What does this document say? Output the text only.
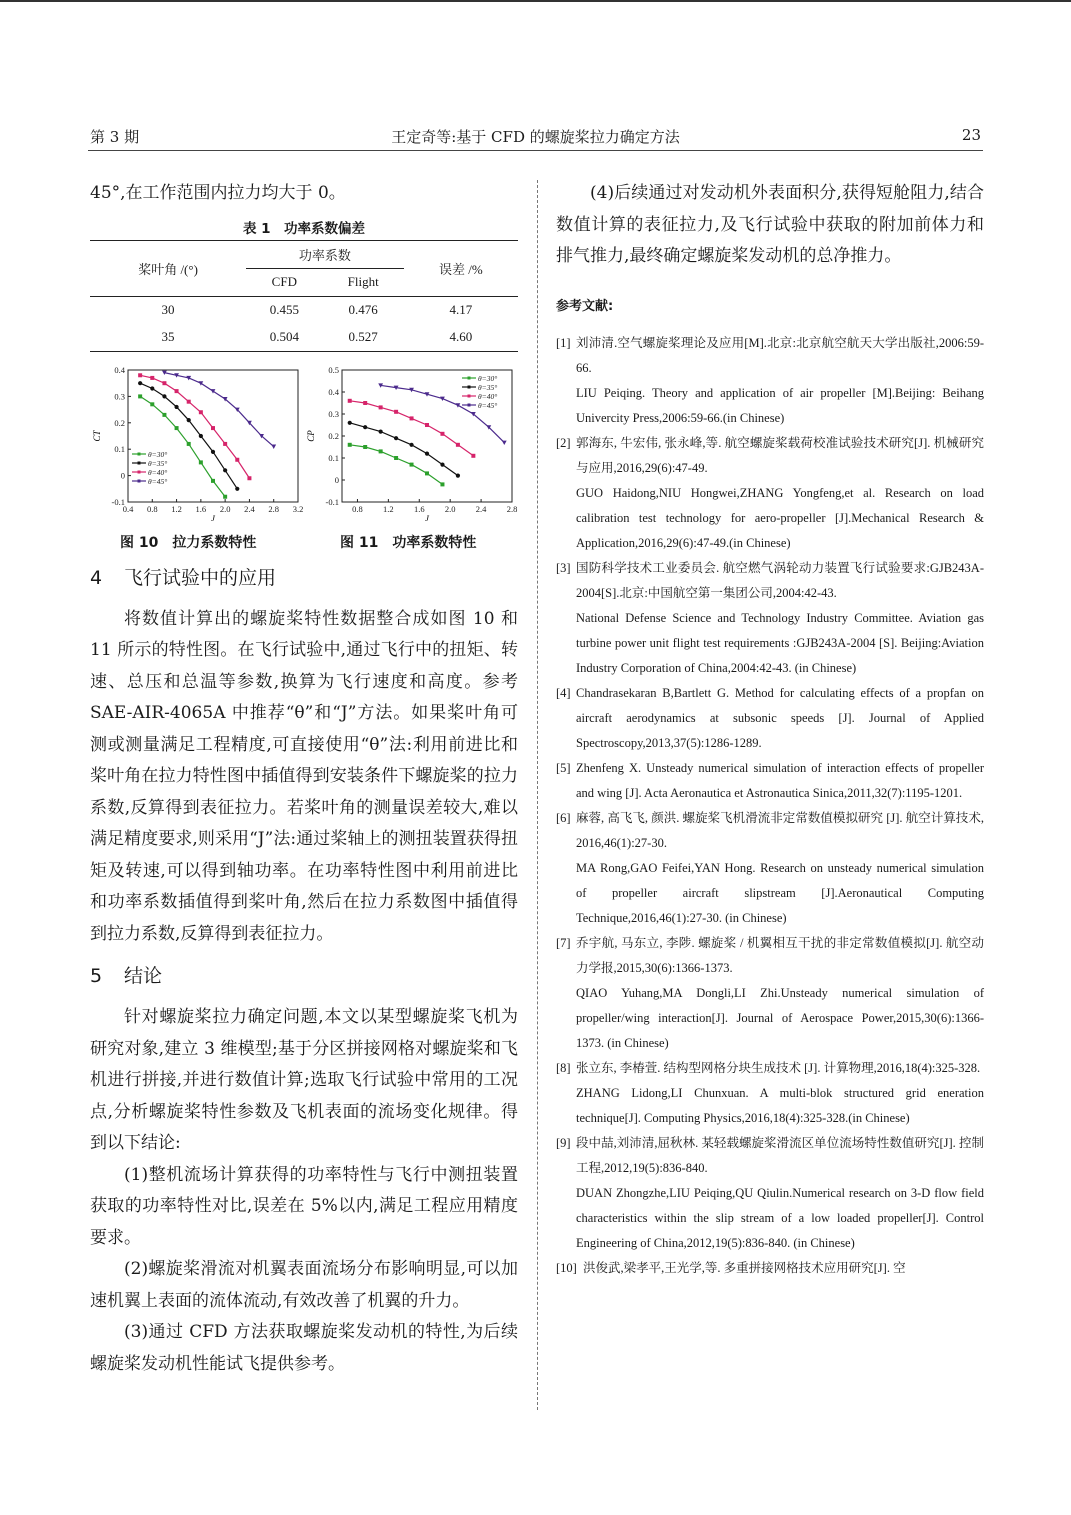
第 3 期	王定奇等:基于 CFD 的螺旋桨拉力确定方法	23

45°,在工作范围内拉力均大于 0。

表 1　功率系数偏差
桨叶角 /(°)	功率系数		误差 /%
	CFD	Flight	
30	0.455	0.476	4.17
35	0.504	0.527	4.60
0.4 0.8 1.2 1.6 2.0 2.4 2.8 3.2
-0.1
0
0.1
0.2
0.3
0.4
J
CT
θ=30°
θ=35°
θ=40°
θ=45°
0.8 1.2 1.6 2.0 2.4 2.8
-0.1
0
0.1
0.2
0.3
0.4
0.5
J
CP
θ=30°
θ=35°
θ=40°
θ=45°
图 10　拉力系数特性	图 11　功率系数特性
4 飞行试验中的应用

将数值计算出的螺旋桨特性数据整合成如图 10 和 11 所示的特性图。在飞行试验中,通过飞行中的扭矩、转速、总压和总温等参数,换算为飞行速度和高度。参考 SAE-AIR-4065A 中推荐“θ”和“J”方法。如果桨叶角可测或测量满足工程精度,可直接使用“θ”法:利用前进比和桨叶角在拉力特性图中插值得到安装条件下螺旋桨的拉力系数,反算得到表征拉力。若桨叶角的测量误差较大,难以满足精度要求,则采用“J”法:通过桨轴上的测扭装置获得扭矩及转速,可以得到轴功率。在功率特性图中利用前进比和功率系数插值得到桨叶角,然后在拉力系数图中插值得到拉力系数,反算得到表征拉力。

5 结论

针对螺旋桨拉力确定问题,本文以某型螺旋桨飞机为研究对象,建立 3 维模型;基于分区拼接网格对螺旋桨和飞机进行拼接,并进行数值计算;选取飞行试验中常用的工况点,分析螺旋桨特性参数及飞机表面的流场变化规律。得到以下结论:

(1)整机流场计算获得的功率特性与飞行中测扭装置获取的功率特性对比,误差在 5%以内,满足工程应用精度要求。

(2)螺旋桨滑流对机翼表面流场分布影响明显,可以加速机翼上表面的流体流动,有效改善了机翼的升力。

(3)通过 CFD 方法获取螺旋桨发动机的特性,为后续螺旋桨发动机性能试飞提供参考。

(4)后续通过对发动机外表面积分,获得短舱阻力,结合数值计算的表征拉力,及飞行试验中获取的附加前体力和排气推力,最终确定螺旋桨发动机的总净推力。

参考文献:
[1] 刘沛清.空气螺旋桨理论及应用[M].北京:北京航空航天大学出版社,2006:59-66.
LIU Peiqing. Theory and application of air propeller [M].Beijing: Beihang Univercity Press,2006:59-66.(in Chinese)
[2] 郭海东, 牛宏伟, 张永峰,等. 航空螺旋桨载荷校准试验技术研究[J]. 机械研究与应用,2016,29(6):47-49.
GUO Haidong,NIU Hongwei,ZHANG Yongfeng,et al. Research on load calibration test technology for aero-propeller [J].Mechanical Research & Application,2016,29(6):47-49.(in Chinese)
[3] 国防科学技术工业委员会. 航空燃气涡轮动力装置飞行试验要求:GJB243A-2004[S].北京:中国航空第一集团公司,2004:42-43.
National Defense Science and Technology Industry Committee. Aviation gas turbine power unit flight test requirements :GJB243A-2004 [S]. Beijing:Aviation Industry Corporation of China,2004:42-43. (in Chinese)
[4] Chandrasekaran B,Bartlett G. Method for calculating effects of a propfan on aircraft aerodynamics at subsonic speeds [J]. Journal of Applied Spectroscopy,2013,37(5):1286-1289.
[5] Zhenfeng X. Unsteady numerical simulation of interaction effects of propeller and wing [J]. Acta Aeronautica et Astronautica Sinica,2011,32(7):1195-1201.
[6] 麻蓉, 高飞飞, 颜洪. 螺旋桨飞机滑流非定常数值模拟研究 [J]. 航空计算技术, 2016,46(1):27-30.
MA Rong,GAO Feifei,YAN Hong. Research on unsteady numerical simulation of propeller aircraft slipstream [J].Aeronautical Computing Technique,2016,46(1):27-30. (in Chinese)
[7] 乔宇航, 马东立, 李陟. 螺旋桨 / 机翼相互干扰的非定常数值模拟[J]. 航空动力学报,2015,30(6):1366-1373.
QIAO Yuhang,MA Dongli,LI Zhi.Unsteady numerical simulation of propeller/wing interaction[J]. Journal of Aerospace Power,2015,30(6):1366-1373. (in Chinese)
[8] 张立东, 李椿萱. 结构型网格分块生成技术 [J]. 计算物理,2016,18(4):325-328.
ZHANG Lidong,LI Chunxuan. A multi-blok structured grid eneration technique[J]. Computing Physics,2016,18(4):325-328.(in Chinese)
[9] 段中喆,刘沛清,屈秋林. 某轻载螺旋桨滑流区单位流场特性数值研究[J]. 控制工程,2012,19(5):836-840.
DUAN Zhongzhe,LIU Peiqing,QU Qiulin.Numerical research on 3-D flow field characteristics within the slip stream of a low loaded propeller[J]. Control Engineering of China,2012,19(5):836-840. (in Chinese)
[10] 洪俊武,梁孝平,王光学,等. 多重拼接网格技术应用研究[J]. 空
